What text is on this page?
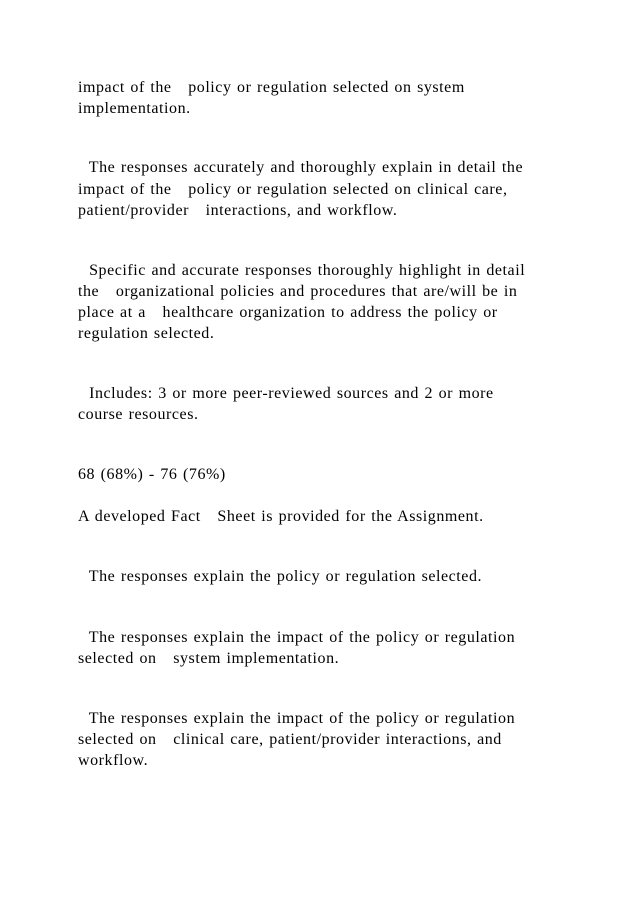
impact of the   policy or regulation selected on system
implementation.
The responses accurately and thoroughly explain in detail the
impact of the   policy or regulation selected on clinical care,
patient/provider   interactions, and workflow.
Specific and accurate responses thoroughly highlight in detail
the   organizational policies and procedures that are/will be in
place at a   healthcare organization to address the policy or
regulation selected.
Includes: 3 or more peer-reviewed sources and 2 or more
course resources.
68 (68%) - 76 (76%)
A developed Fact   Sheet is provided for the Assignment.
The responses explain the policy or regulation selected.
The responses explain the impact of the policy or regulation
selected on   system implementation.
The responses explain the impact of the policy or regulation
selected on   clinical care, patient/provider interactions, and
workflow.
